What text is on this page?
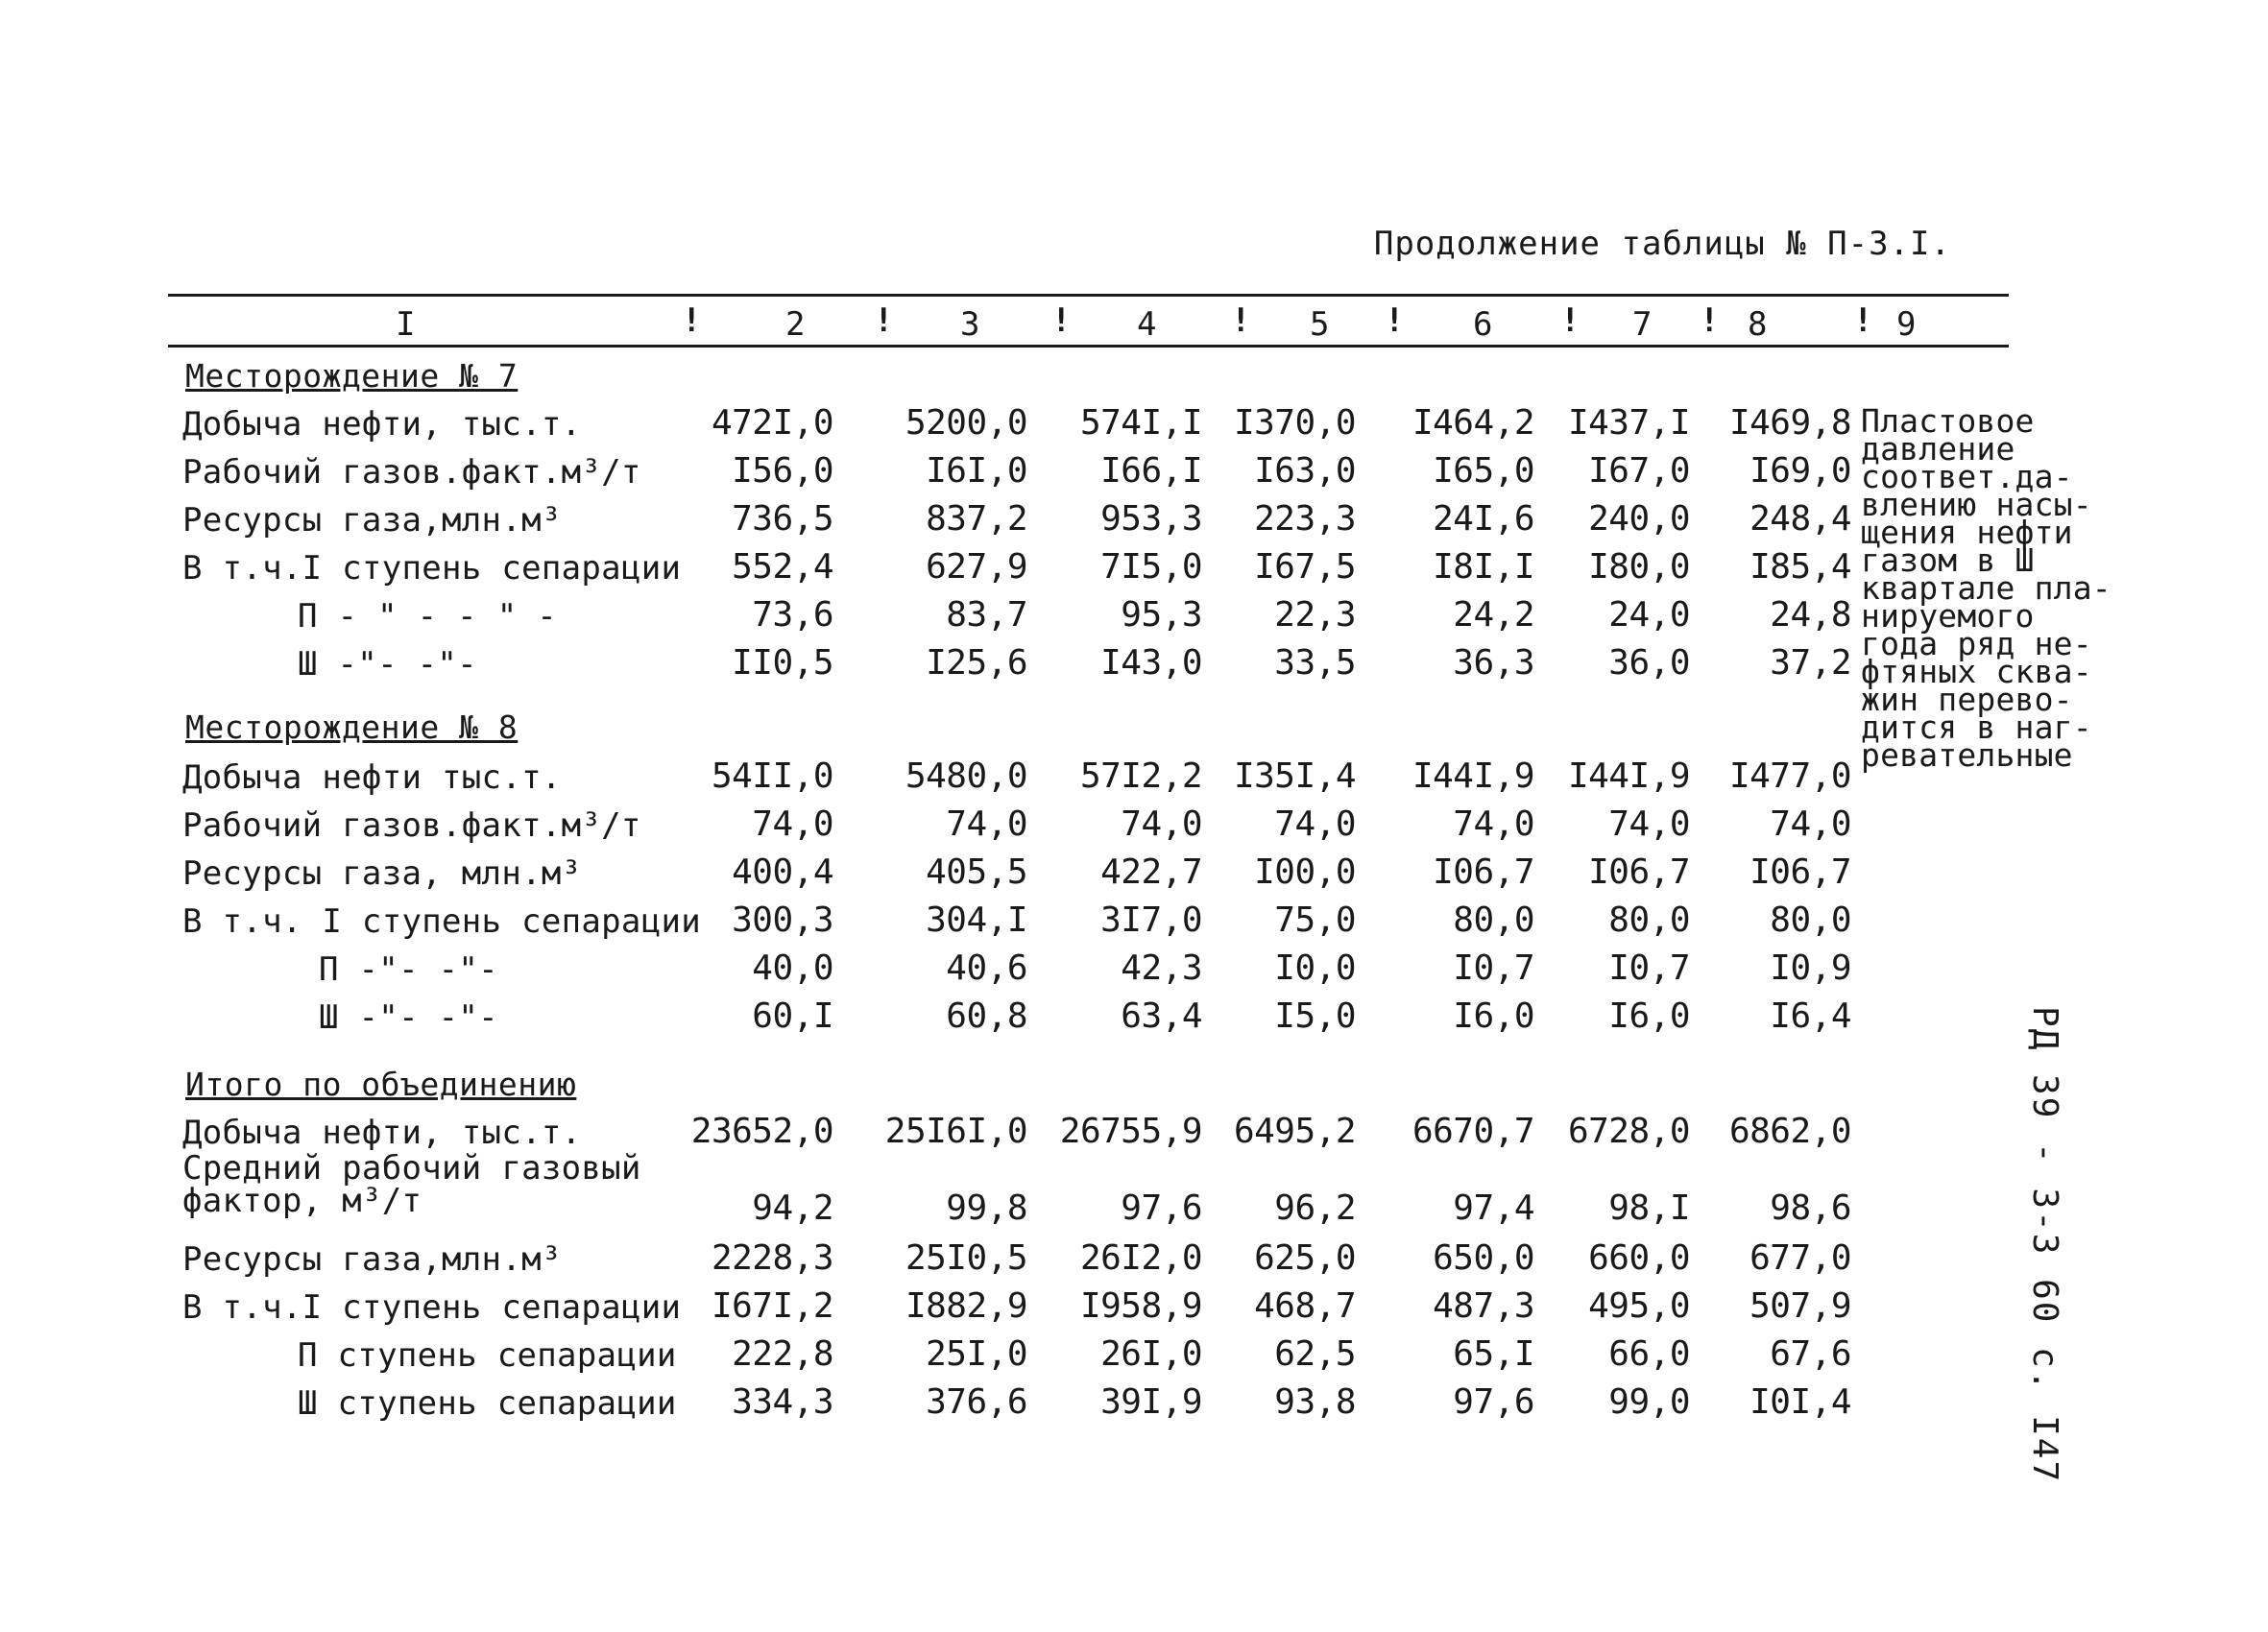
Продолжение таблицы № П-3.I.
I	2	3	4	5	6	7	8	9
!	!	!	!	!	!	!	!
Месторождение № 7
Добыча нефти, тыс.т.	472I,0	5200,0	574I,I I370,0	I464,2 I437,I	I469,8
Рабочий газов.факт.м³/т	I56,0	I6I,0	I66,I	I63,0	I65,0	I67,0	I69,0
Ресурсы газа,млн.м³	736,5	837,2	953,3	223,3	24I,6	240,0	248,4
В т.ч.I ступень сепарации	552,4	627,9	7I5,0	I67,5	I8I,I	I80,0	I85,4
П - " - - " -	73,6	83,7	95,3	22,3	24,2	24,0	24,8
Ш -"- -"-	II0,5	I25,6	I43,0	33,5	36,3	36,0	37,2
Месторождение № 8
Добыча нефти тыс.т.	54II,0	5480,0	57I2,2 I35I,4	I44I,9 I44I,9	I477,0
Рабочий газов.факт.м³/т	74,0	74,0	74,0	74,0	74,0	74,0	74,0
Ресурсы газа, млн.м³	400,4	405,5	422,7	I00,0	I06,7	I06,7	I06,7
В т.ч. I ступень сепарации 300,3	304,I	3I7,0	75,0	80,0	80,0	80,0
П -"- -"-	40,0	40,6	42,3	I0,0	I0,7	I0,7	I0,9
Ш -"- -"-	60,I	60,8	63,4	I5,0	I6,0	I6,0	I6,4
Итого по объединению
Добыча нефти, тыс.т.	23652,0	25I6I,0 26755,9 6495,2	6670,7 6728,0	6862,0
Средний рабочий газовый
фактор, м³/т	94,2	99,8	97,6	96,2	97,4	98,I	98,6
Ресурсы газа,млн.м³	2228,3	25I0,5	26I2,0	625,0	650,0	660,0	677,0
В т.ч.I ступень сепарации I67I,2	I882,9	I958,9	468,7	487,3	495,0	507,9
П ступень сепарации	222,8	25I,0	26I,0	62,5	65,I	66,0	67,6
Ш ступень сепарации	334,3	376,6	39I,9	93,8	97,6	99,0	I0I,4
Пластовое
давление
соответ.да-
влению насы-
щения нефти
газом в Ш
квартале пла-
нируемого
года ряд не-
фтяных сква-
жин перево-
дится в наг-
ревательные
РД 39 - 3-3 60 с. I47
